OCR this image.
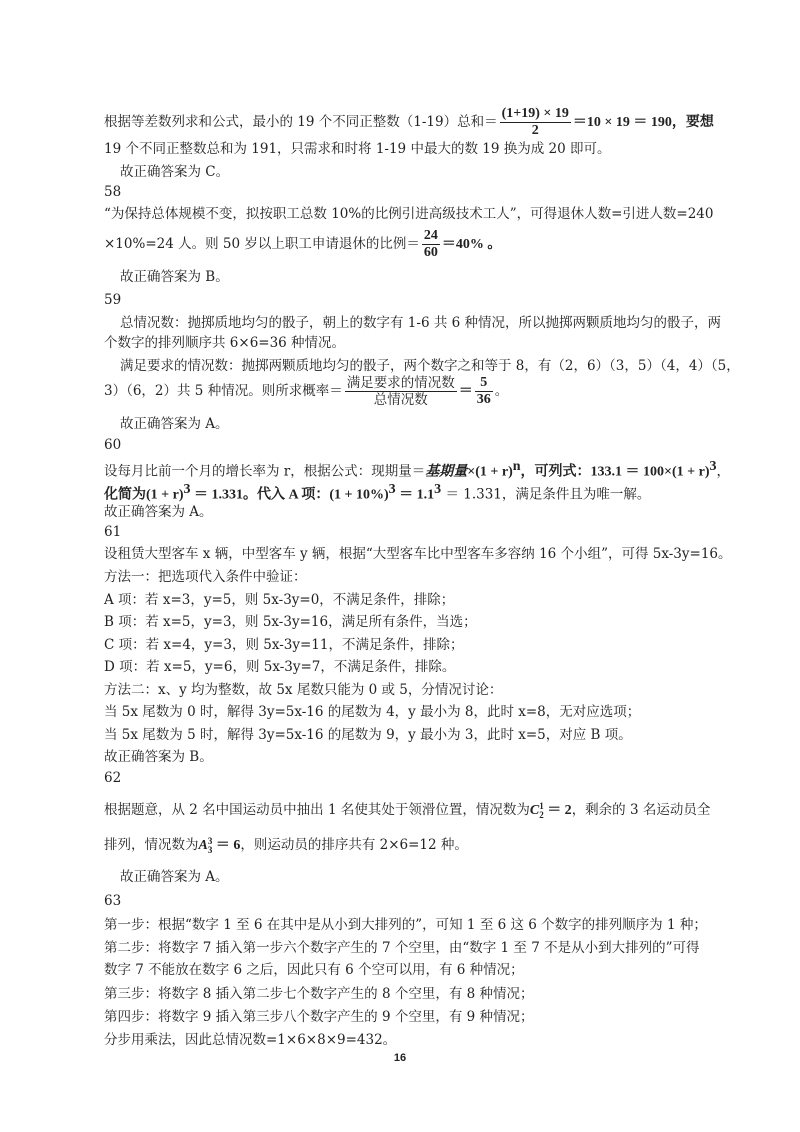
根据等差数列求和公式，最小的 19 个不同正整数（1-19）总和＝ $\frac{(1+19) \times 19}{2} =10 \times 19 = 190$，要想
19 个不同正整数总和为 191，只需求和时将 1-19 中最大的数 19 换为成 20 即可。
故正确答案为 C。
58
“为保持总体规模不变，拟按职工总数 10%的比例引进高级技术工人”，可得退休人数=引进人数=240
×10%=24 人。则 50 岁以上职工申请退休的比例＝ $\frac{24}{60} =40\%$ 。
故正确答案为 B。
59
总情况数：抛掷质地均匀的骰子，朝上的数字有 1-6 共 6 种情况，所以抛掷两颗质地均匀的骰子，两
个数字的排列顺序共 6×6=36 种情况。
满足要求的情况数：抛掷两颗质地均匀的骰子，两个数字之和等于 8，有（2，6）（3，5）（4，4）（5，
3）（6，2）共 5 种情况。则所求概率＝ $\frac{\text{满足要求的情况数}}{\text{总情况数}} = \frac{5}{36}$ 。
故正确答案为 A。
60
设每月比前一个月的增长率为 r，根据公式：现期量＝基期量$\times(1 + r)^n$，可列式：$133.1 = 100\times(1 + r)^3$，
化简为$(1 + r)^3 = 1.331$。代入 A 项：$(1 + 10\%)^3 = 1.1^3 = 1.331$，满足条件且为唯一解。
故正确答案为 A。
61
设租赁大型客车 x 辆，中型客车 y 辆，根据“大型客车比中型客车多容纳 16 个小组”，可得 5x-3y=16。
方法一：把选项代入条件中验证：
A 项：若 x=3，y=5，则 5x-3y=0，不满足条件，排除；
B 项：若 x=5，y=3，则 5x-3y=16，满足所有条件，当选；
C 项：若 x=4，y=3，则 5x-3y=11，不满足条件，排除；
D 项：若 x=5，y=6，则 5x-3y=7，不满足条件，排除。
方法二：x、y 均为整数，故 5x 尾数只能为 0 或 5，分情况讨论：
当 5x 尾数为 0 时，解得 3y=5x-16 的尾数为 4，y 最小为 8，此时 x=8，无对应选项；
当 5x 尾数为 5 时，解得 3y=5x-16 的尾数为 9，y 最小为 3，此时 x=5，对应 B 项。
故正确答案为 B。
62
根据题意，从 2 名中国运动员中抽出 1 名使其处于领滑位置，情况数为C 1
2 ＝ 2，剩余的 3 名运动员全
排列，情况数为A 3
3 ＝ 6，则运动员的排序共有 2×6=12 种。
故正确答案为 A。
63
第一步：根据“数字 1 至 6 在其中是从小到大排列的”，可知 1 至 6 这 6 个数字的排列顺序为 1 种；
第二步：将数字 7 插入第一步六个数字产生的 7 个空里，由“数字 1 至 7 不是从小到大排列的”可得
数字 7 不能放在数字 6 之后，因此只有 6 个空可以用，有 6 种情况；
第三步：将数字 8 插入第二步七个数字产生的 8 个空里，有 8 种情况；
第四步：将数字 9 插入第三步八个数字产生的 9 个空里，有 9 种情况；
分步用乘法，因此总情况数=1×6×8×9=432。
16
